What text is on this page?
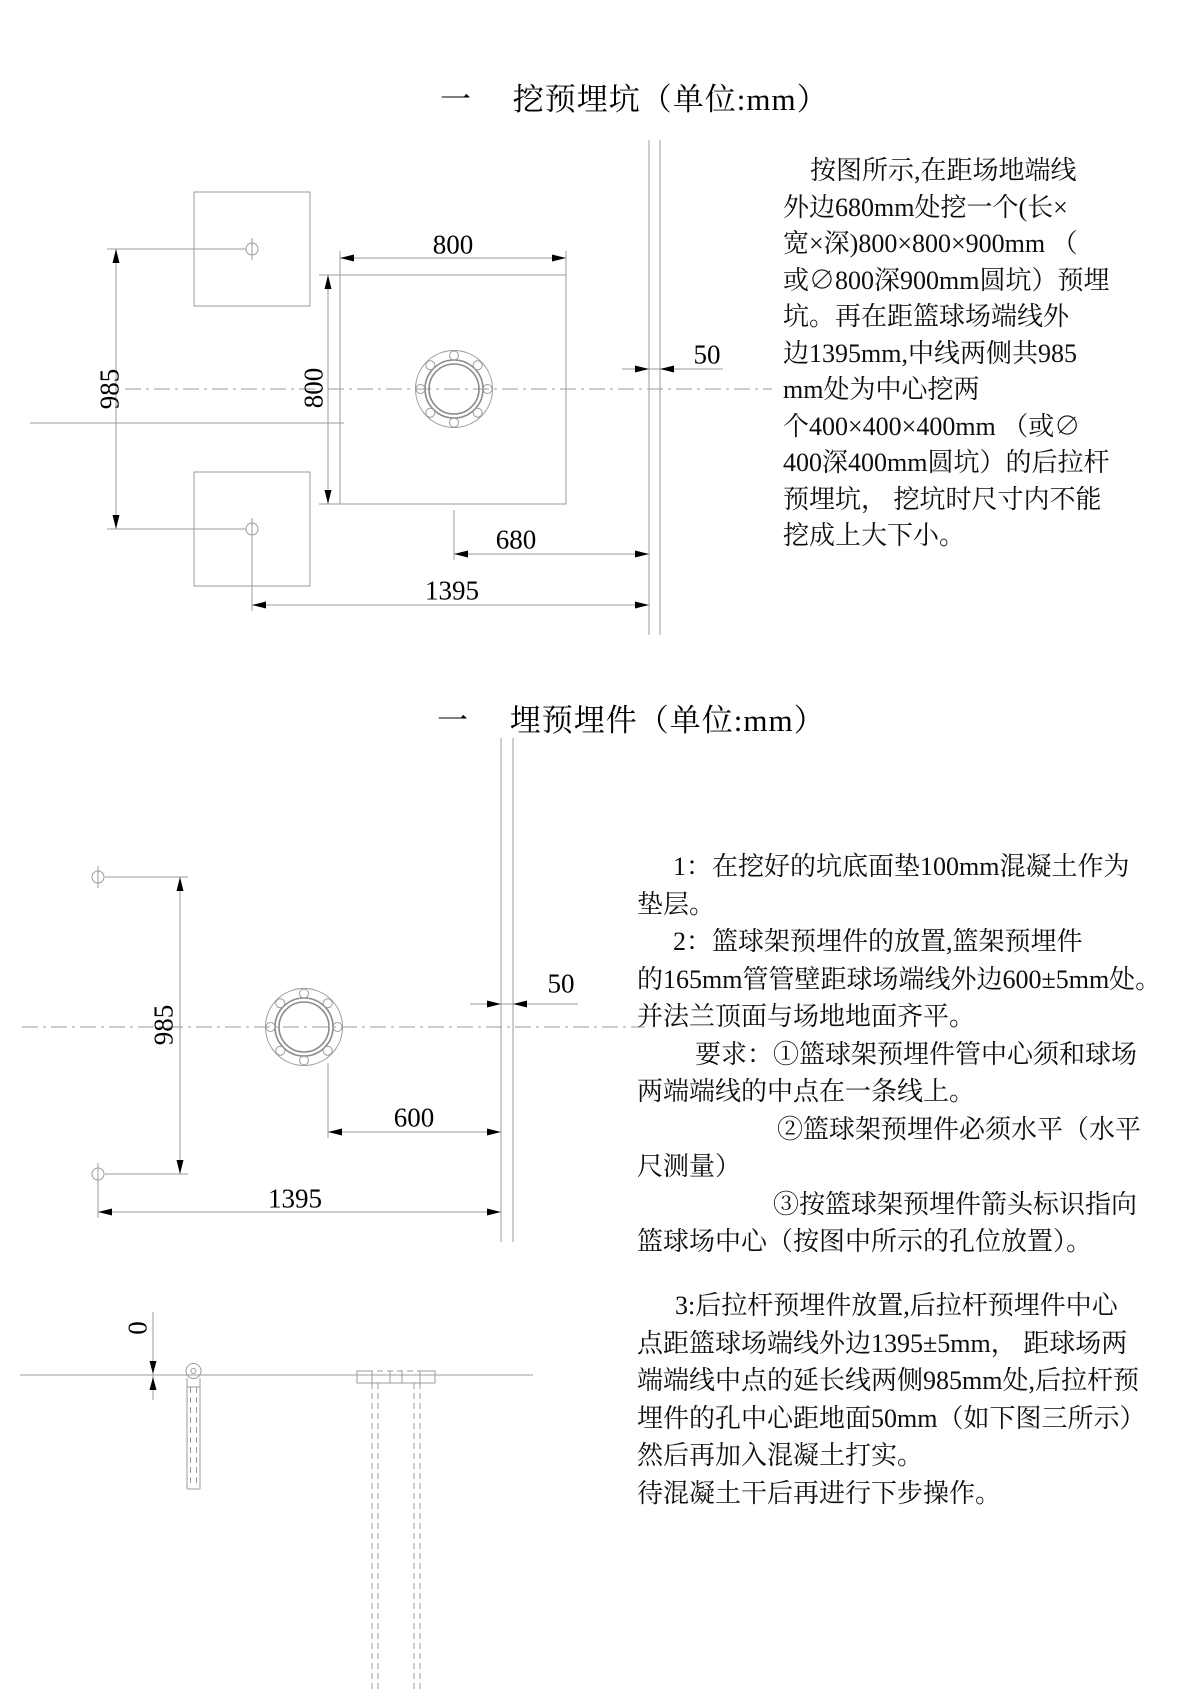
一　 挖预埋坑（单位:mm）
按图所示,在距场地端线
外边680mm处挖一个(长×
宽×深)800×800×900mm （
或∅800深900mm圆坑）预埋
坑。再在距篮球场端线外
边1395mm,中线两侧共985
mm处为中心挖两
个400×400×400mm （或∅
400深400mm圆坑）的后拉杆
预埋坑， 挖坑时尺寸内不能
挖成上大下小。
800
800
985
50
680
1395
一　 埋预埋件（单位:mm）
1：在挖好的坑底面垫100mm混凝土作为
垫层。
2：篮球架预埋件的放置,篮架预埋件
的165mm管管壁距球场端线外边600±5mm处。
并法兰顶面与场地地面齐平。
要求：①篮球架预埋件管中心须和球场
两端端线的中点在一条线上。
②篮球架预埋件必须水平（水平
尺测量）
③按篮球架预埋件箭头标识指向
篮球场中心（按图中所示的孔位放置）。
3:后拉杆预埋件放置,后拉杆预埋件中心
点距篮球场端线外边1395±5mm， 距球场两
端端线中点的延长线两侧985mm处,后拉杆预
埋件的孔中心距地面50mm（如下图三所示）
然后再加入混凝土打实。
待混凝土干后再进行下步操作。
985
50
600
1395
0
